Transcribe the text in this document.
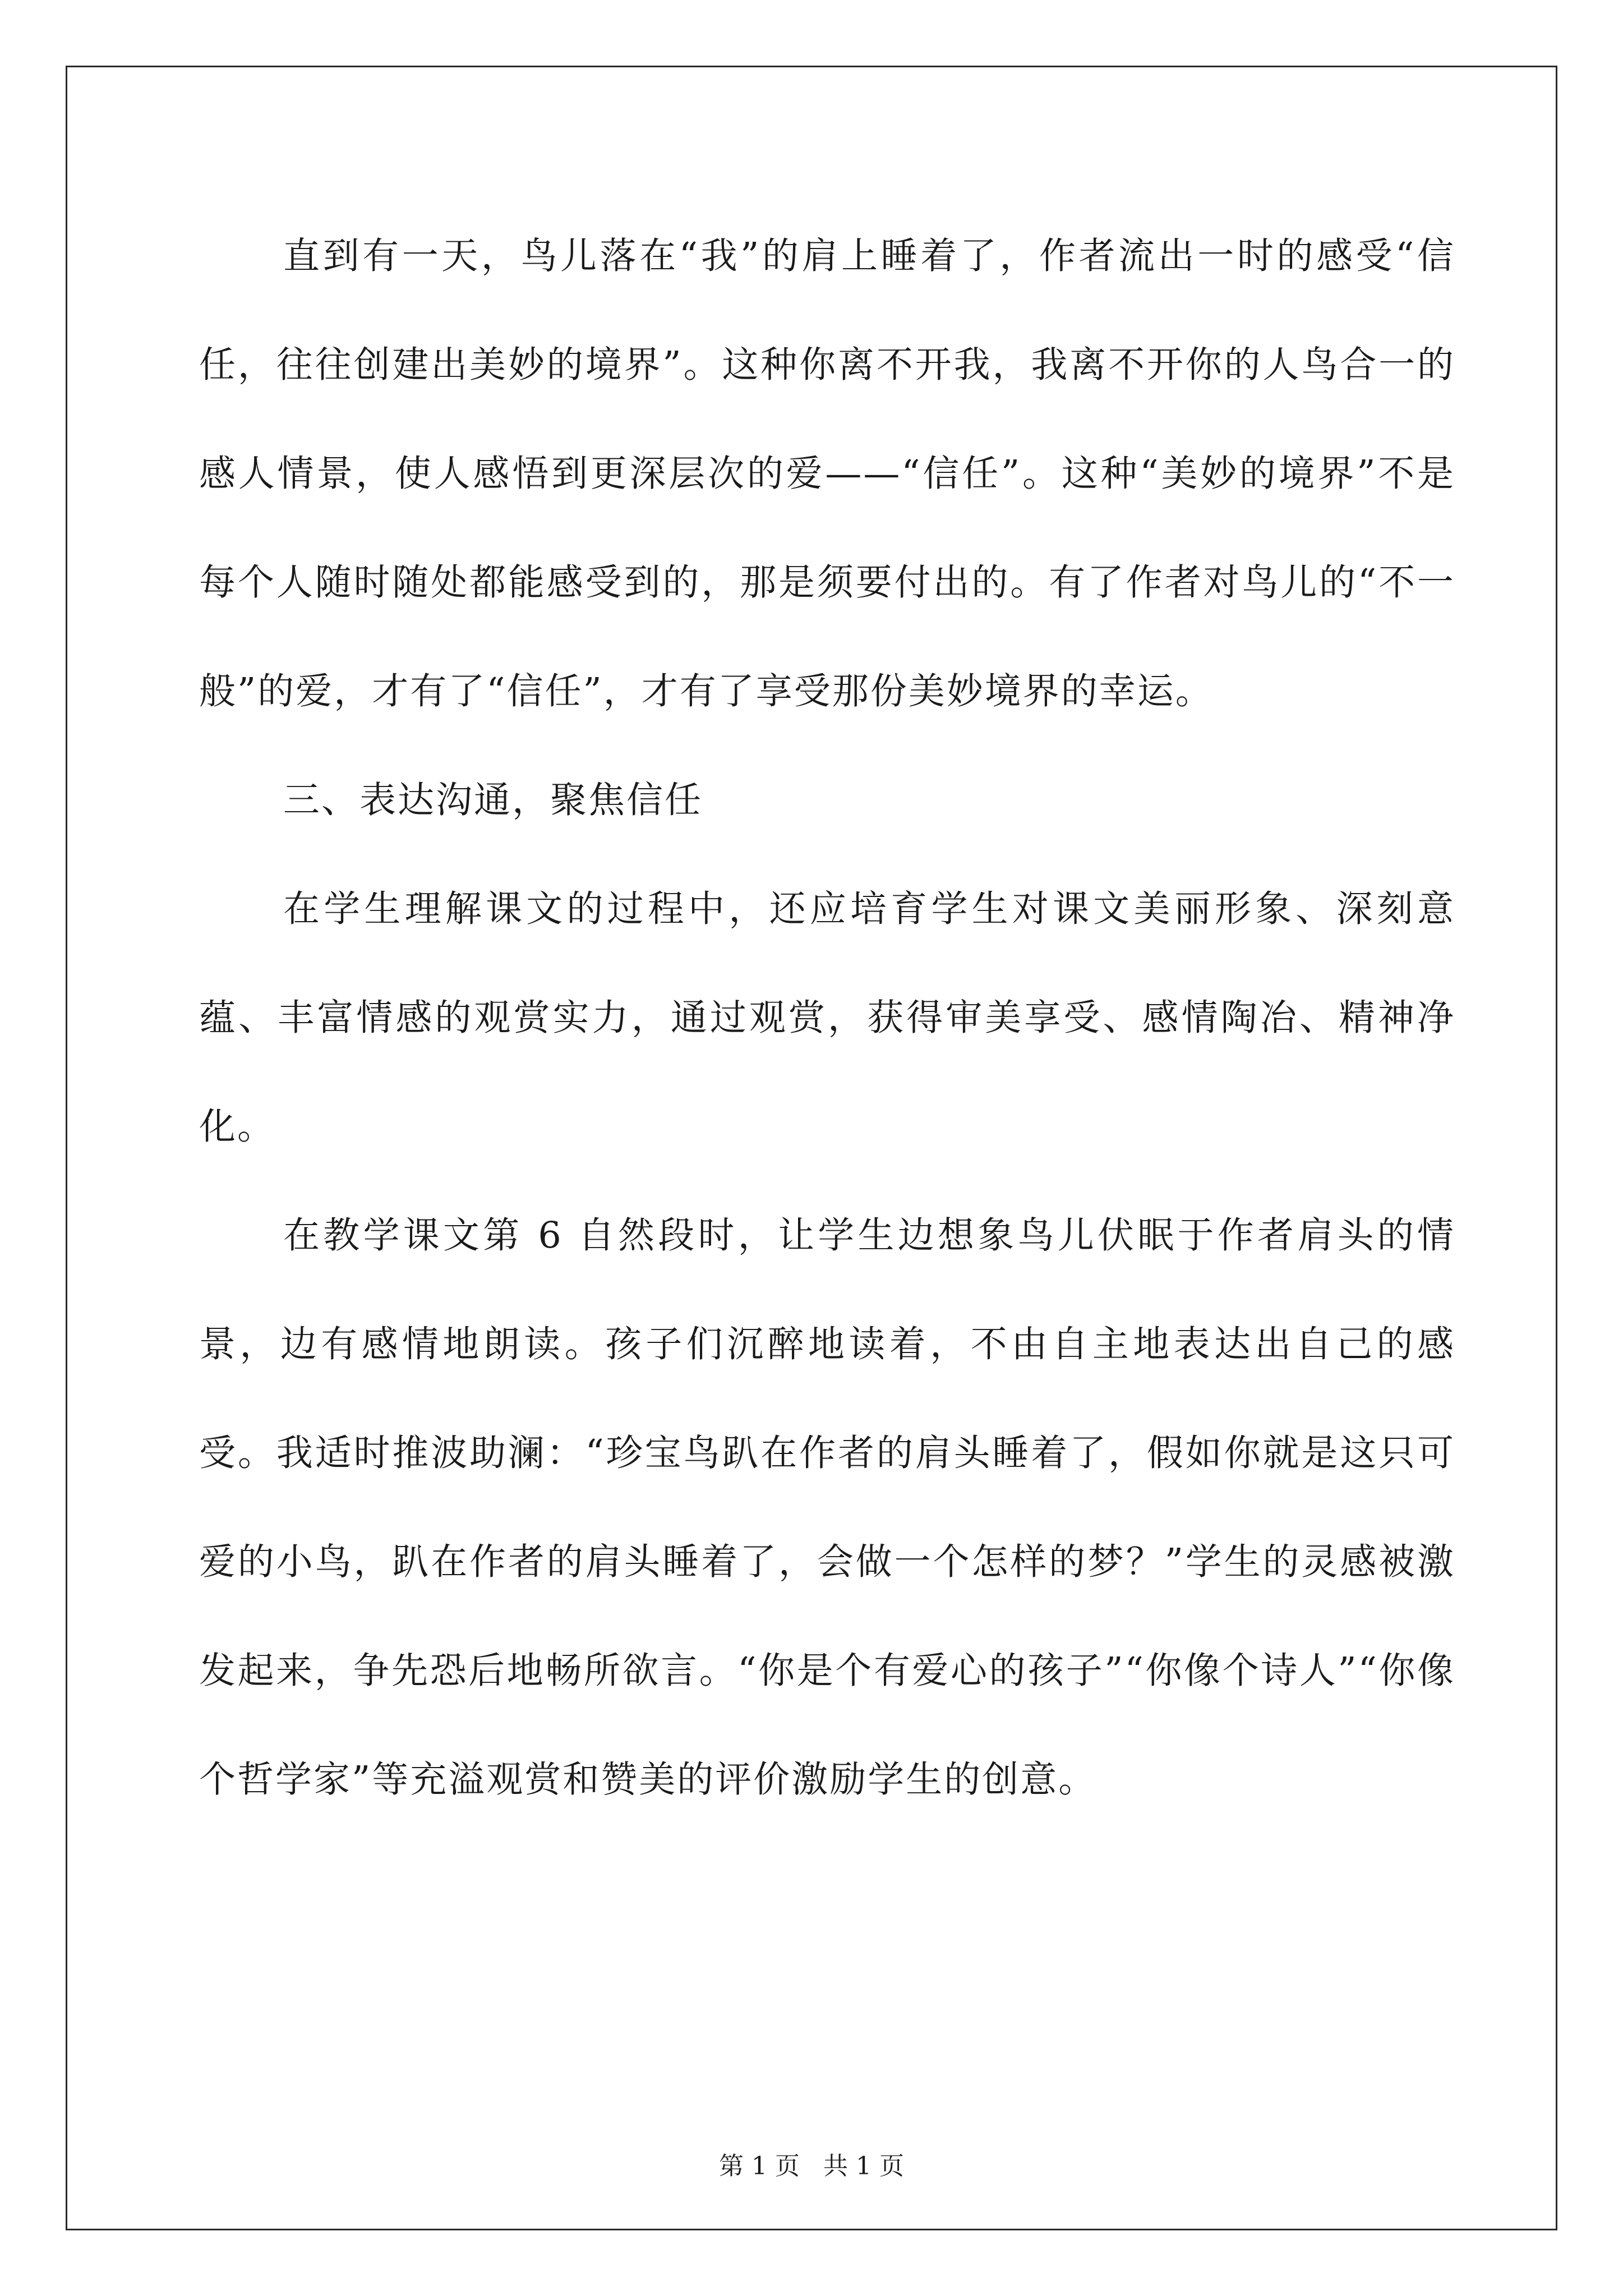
直到有一天，鸟儿落在“我”的肩上睡着了，作者流出一时的感受“信任，往往创建出美妙的境界”。这种你离不开我，我离不开你的人鸟合一的感人情景，使人感悟到更深层次的爱——“信任”。这种“美妙的境界”不是每个人随时随处都能感受到的，那是须要付出的。有了作者对鸟儿的“不一般”的爱，才有了“信任”，才有了享受那份美妙境界的幸运。

三、表达沟通，聚焦信任

在学生理解课文的过程中，还应培育学生对课文美丽形象、深刻意蕴、丰富情感的观赏实力，通过观赏，获得审美享受、感情陶冶、精神净化。

在教学课文第 6 自然段时，让学生边想象鸟儿伏眠于作者肩头的情景，边有感情地朗读。孩子们沉醉地读着，不由自主地表达出自己的感受。我适时推波助澜：“珍宝鸟趴在作者的肩头睡着了，假如你就是这只可爱的小鸟，趴在作者的肩头睡着了，会做一个怎样的梦？”学生的灵感被激发起来，争先恐后地畅所欲言。“你是个有爱心的孩子”“你像个诗人”“你像个哲学家”等充溢观赏和赞美的评价激励学生的创意。

第 1 页   共 1 页
